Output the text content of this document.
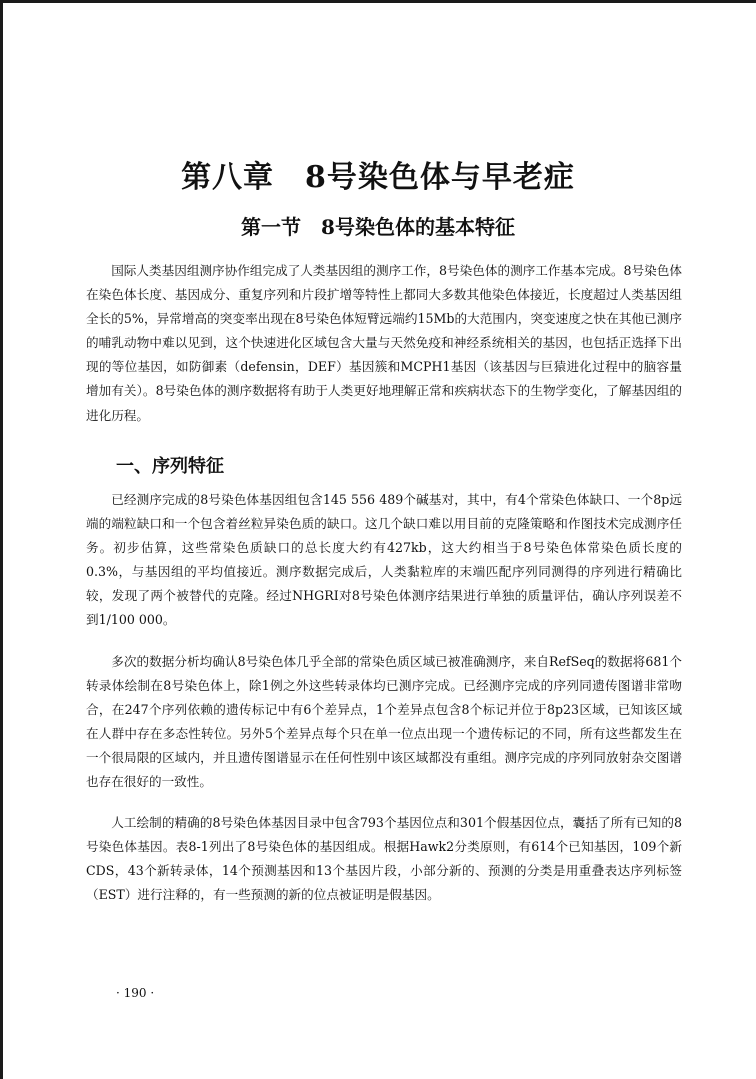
第八章　8号染色体与早老症
第一节　8号染色体的基本特征

国际人类基因组测序协作组完成了人类基因组的测序工作，8号染色体的测序工作基本完成。8号染色体在染色体长度、基因成分、重复序列和片段扩增等特性上都同大多数其他染色体接近，长度超过人类基因组全长的5%，异常增高的突变率出现在8号染色体短臂远端约15Mb的大范围内，突变速度之快在其他已测序的哺乳动物中难以见到，这个快速进化区域包含大量与天然免疫和神经系统相关的基因，也包括正选择下出现的等位基因，如防御素（defensin，DEF）基因簇和MCPH1基因（该基因与巨猿进化过程中的脑容量增加有关）。8号染色体的测序数据将有助于人类更好地理解正常和疾病状态下的生物学变化，了解基因组的进化历程。

一、序列特征

已经测序完成的8号染色体基因组包含145 556 489个碱基对，其中，有4个常染色体缺口、一个8p远端的端粒缺口和一个包含着丝粒异染色质的缺口。这几个缺口难以用目前的克隆策略和作图技术完成测序任务。初步估算，这些常染色质缺口的总长度大约有427kb，这大约相当于8号染色体常染色质长度的0.3%，与基因组的平均值接近。测序数据完成后，人类黏粒库的末端匹配序列同测得的序列进行精确比较，发现了两个被替代的克隆。经过NHGRI对8号染色体测序结果进行单独的质量评估，确认序列误差不到1/100 000。

多次的数据分析均确认8号染色体几乎全部的常染色质区域已被准确测序，来自RefSeq的数据将681个转录体绘制在8号染色体上，除1例之外这些转录体均已测序完成。已经测序完成的序列同遗传图谱非常吻合，在247个序列依赖的遗传标记中有6个差异点，1个差异点包含8个标记并位于8p23区域，已知该区域在人群中存在多态性转位。另外5个差异点每个只在单一位点出现一个遗传标记的不同，所有这些都发生在一个很局限的区域内，并且遗传图谱显示在任何性别中该区域都没有重组。测序完成的序列同放射杂交图谱也存在很好的一致性。

人工绘制的精确的8号染色体基因目录中包含793个基因位点和301个假基因位点，囊括了所有已知的8号染色体基因。表8-1列出了8号染色体的基因组成。根据Hawk2分类原则，有614个已知基因，109个新CDS，43个新转录体，14个预测基因和13个基因片段，小部分新的、预测的分类是用重叠表达序列标签（EST）进行注释的，有一些预测的新的位点被证明是假基因。

· 190 ·
